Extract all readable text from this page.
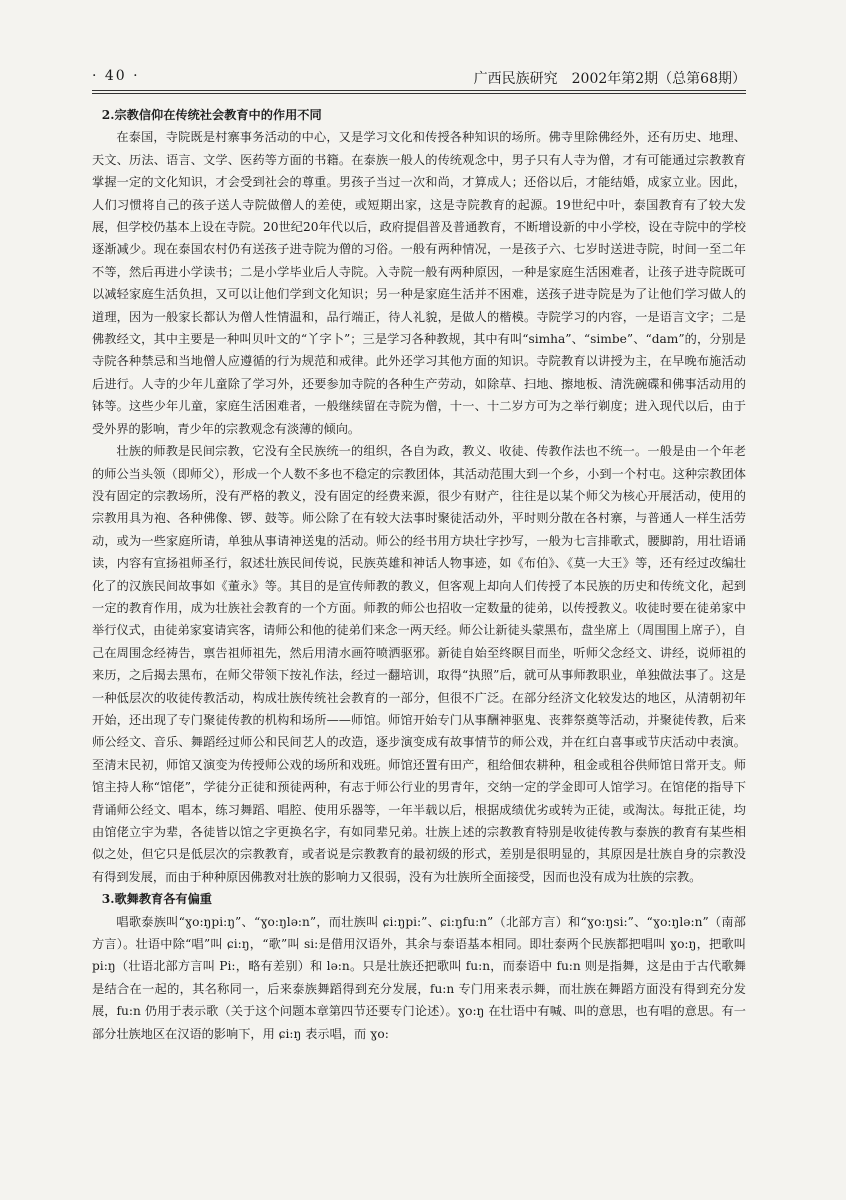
· 40 ·	广西民族研究　2002年第2期（总第68期）

2.宗教信仰在传统社会教育中的作用不同

在泰国，寺院既是村寨事务活动的中心，又是学习文化和传授各种知识的场所。佛寺里除佛经外，还有历史、地理、天文、历法、语言、文学、医药等方面的书籍。在泰族一般人的传统观念中，男子只有人寺为僧，才有可能通过宗教教育掌握一定的文化知识，才会受到社会的尊重。男孩子当过一次和尚，才算成人；还俗以后，才能结婚，成家立业。因此，人们习惯将自己的孩子送人寺院做僧人的差使，或短期出家，这是寺院教育的起源。19世纪中叶，泰国教育有了较大发展，但学校仍基本上设在寺院。20世纪20年代以后，政府提倡普及普通教育，不断增设新的中小学校，设在寺院中的学校逐渐减少。现在泰国农村仍有送孩子进寺院为僧的习俗。一般有两种情况，一是孩子六、七岁时送进寺院，时间一至二年不等，然后再进小学读书；二是小学毕业后人寺院。入寺院一般有两种原因，一种是家庭生活困难者，让孩子进寺院既可以减轻家庭生活负担，又可以让他们学到文化知识；另一种是家庭生活并不困难，送孩子进寺院是为了让他们学习做人的道理，因为一般家长都认为僧人性情温和，品行端正，待人礼貌，是做人的楷模。寺院学习的内容，一是语言文字；二是佛教经文，其中主要是一种叫贝叶文的“丫字卜”；三是学习各种教规，其中有叫“simha”、“simbe”、“dam”的，分别是寺院各种禁忌和当地僧人应遵循的行为规范和戒律。此外还学习其他方面的知识。寺院教育以讲授为主，在早晚布施活动后进行。人寺的少年儿童除了学习外，还要参加寺院的各种生产劳动，如除草、扫地、擦地板、清洗碗碟和佛事活动用的钵等。这些少年儿童，家庭生活困难者，一般继续留在寺院为僧，十一、十二岁方可为之举行剃度；进入现代以后，由于受外界的影响，青少年的宗教观念有淡薄的倾向。

壮族的师教是民间宗教，它没有全民族统一的组织，各自为政，教义、收徒、传教作法也不统一。一般是由一个年老的师公当头领（即师父），形成一个人数不多也不稳定的宗教团体，其活动范围大到一个乡，小到一个村屯。这种宗教团体没有固定的宗教场所，没有严格的教义，没有固定的经费来源，很少有财产，往往是以某个师父为核心开展活动，使用的宗教用具为袍、各种佛像、锣、鼓等。师公除了在有较大法事时聚徒活动外，平时则分散在各村寨，与普通人一样生活劳动，或为一些家庭所请，单独从事请神送鬼的活动。师公的经书用方块壮字抄写，一般为七言排歌式，腰脚韵，用壮语诵读，内容有宣扬祖师圣行，叙述壮族民间传说，民族英雄和神话人物事迹，如《布伯》、《莫一大王》等，还有经过改编壮化了的汉族民间故事如《董永》等。其目的是宣传师教的教义，但客观上却向人们传授了本民族的历史和传统文化，起到一定的教育作用，成为壮族社会教育的一个方面。师教的师公也招收一定数量的徒弟，以传授教义。收徒时要在徒弟家中举行仪式，由徒弟家宴请宾客，请师公和他的徒弟们来念一两天经。师公让新徒头蒙黑布，盘坐席上（周围围上席子），自己在周围念经祷告，禀告祖师祖先，然后用清水画符喷洒驱邪。新徒自始至终瞑目而坐，听师父念经文、讲经，说师祖的来历，之后揭去黑布，在师父带领下按礼作法，经过一翻培训，取得“执照”后，就可从事师教职业，单独做法事了。这是一种低层次的收徒传教活动，构成壮族传统社会教育的一部分，但很不广泛。在部分经济文化较发达的地区，从清朝初年开始，还出现了专门聚徒传教的机构和场所——师馆。师馆开始专门从事酬神驱鬼、丧葬祭奠等活动，并聚徒传教，后来师公经文、音乐、舞蹈经过师公和民间艺人的改造，逐步演变成有故事情节的师公戏，并在红白喜事或节庆活动中表演。至清末民初，师馆又演变为传授师公戏的场所和戏班。师馆还置有田产，租给佃农耕种，租金或租谷供师馆日常开支。师馆主持人称“馆佬”，学徒分正徒和预徒两种，有志于师公行业的男青年，交纳一定的学金即可人馆学习。在馆佬的指导下背诵师公经文、唱本，练习舞蹈、唱腔、使用乐器等，一年半载以后，根据成绩优劣或转为正徒，或淘汰。每批正徒，均由馆佬立宇为辈，各徒皆以馆之字更换名字，有如同辈兄弟。壮族上述的宗教教育特别是收徒传教与泰族的教育有某些相似之处，但它只是低层次的宗教教育，或者说是宗教教育的最初级的形式，差别是很明显的，其原因是壮族自身的宗教没有得到发展，而由于种种原因佛教对壮族的影响力又很弱，没有为壮族所全面接受，因而也没有成为壮族的宗教。

3.歌舞教育各有偏重

唱歌泰族叫“ɣo:ŋpi:ŋ”、“ɣo:ŋlə:n”，而壮族叫 ɕi:ŋpi:”、ɕi:ŋfu:n”（北部方言）和“ɣo:ŋsi:”、“ɣo:ŋlə:n”（南部方言）。壮语中除“唱”叫 ɕi:ŋ，“歌”叫 si:是借用汉语外，其余与泰语基本相同。即壮泰两个民族都把唱叫 ɣo:ŋ，把歌叫 pi:ŋ（壮语北部方言叫 Pi:，略有差别）和 lə:n。只是壮族还把歌叫 fu:n，而泰语中 fu:n 则是指舞，这是由于古代歌舞是结合在一起的，其名称同一，后来泰族舞蹈得到充分发展，fu:n 专门用来表示舞，而壮族在舞蹈方面没有得到充分发展，fu:n 仍用于表示歌（关于这个问题本章第四节还要专门论述）。ɣo:ŋ 在壮语中有喊、叫的意思，也有唱的意思。有一部分壮族地区在汉语的影响下，用 ɕi:ŋ 表示唱，而 ɣo:
